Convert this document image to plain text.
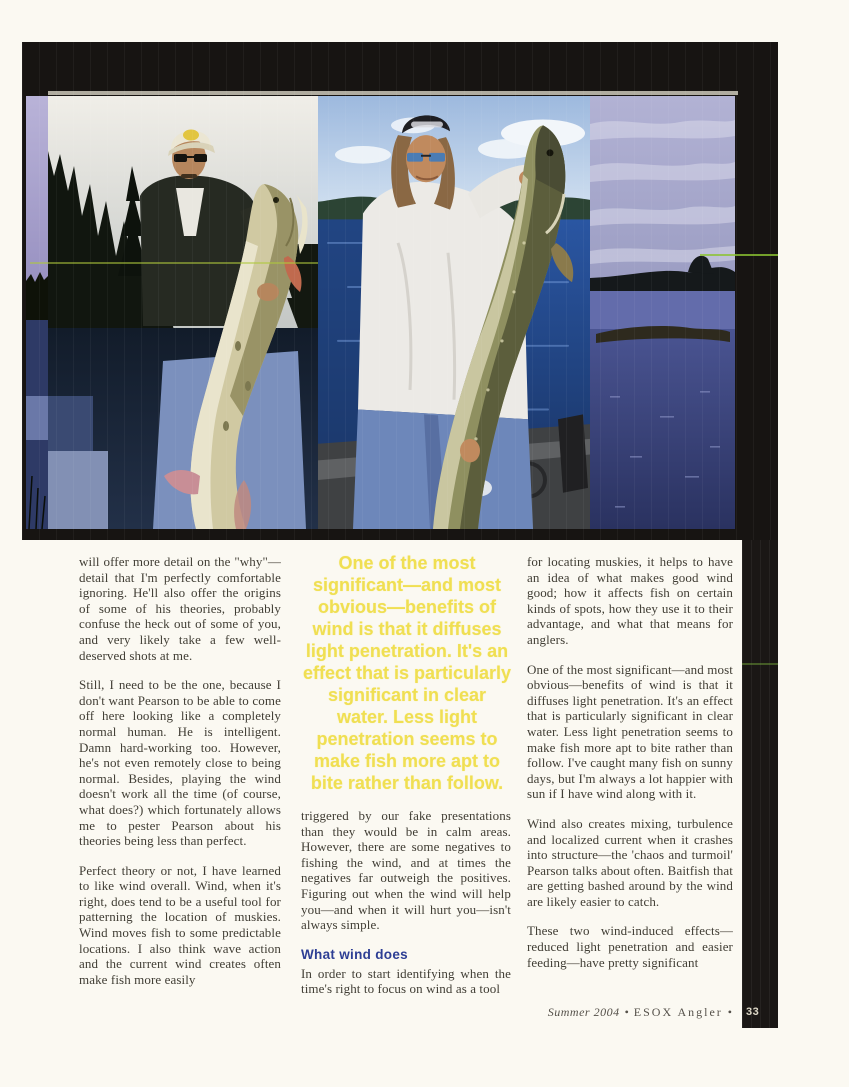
33

will offer more detail on the "why"—detail that I'm perfectly comfortable ignoring. He'll also offer the origins of some of his theories, probably confuse the heck out of some of you, and very likely take a few well-deserved shots at me.

Still, I need to be the one, because I don't want Pearson to be able to come off here looking like a completely normal human. He is intelligent. Damn hard-working too. However, he's not even remotely close to being normal. Besides, playing the wind doesn't work all the time (of course, what does?) which fortunately allows me to pester Pearson about his theories being less than perfect.

Perfect theory or not, I have learned to like wind overall. Wind, when it's right, does tend to be a useful tool for patterning the location of muskies. Wind moves fish to some predictable locations. I also think wave action and the current wind creates often make fish more easily

One of the most significant—and most obvious—benefits of wind is that it diffuses light penetration. It's an effect that is particularly significant in clear water. Less light penetration seems to make fish more apt to bite rather than follow.

triggered by our fake presentations than they would be in calm areas. However, there are some negatives to fishing the wind, and at times the negatives far outweigh the positives. Figuring out when the wind will help you—and when it will hurt you—isn't always simple.

What wind does

In order to start identifying when the time's right to focus on wind as a tool

for locating muskies, it helps to have an idea of what makes good wind good; how it affects fish on certain kinds of spots, how they use it to their advantage, and what that means for anglers.

One of the most significant—and most obvious—benefits of wind is that it diffuses light penetration. It's an effect that is particularly significant in clear water. Less light penetration seems to make fish more apt to bite rather than follow. I've caught many fish on sunny days, but I'm always a lot happier with sun if I have wind along with it.

Wind also creates mixing, turbulence and localized current when it crashes into structure—the 'chaos and turmoil' Pearson talks about often. Baitfish that are getting bashed around by the wind are likely easier to catch.

These two wind-induced effects—reduced light penetration and easier feeding—have pretty significant

Summer 2004 • ESOX Angler •
